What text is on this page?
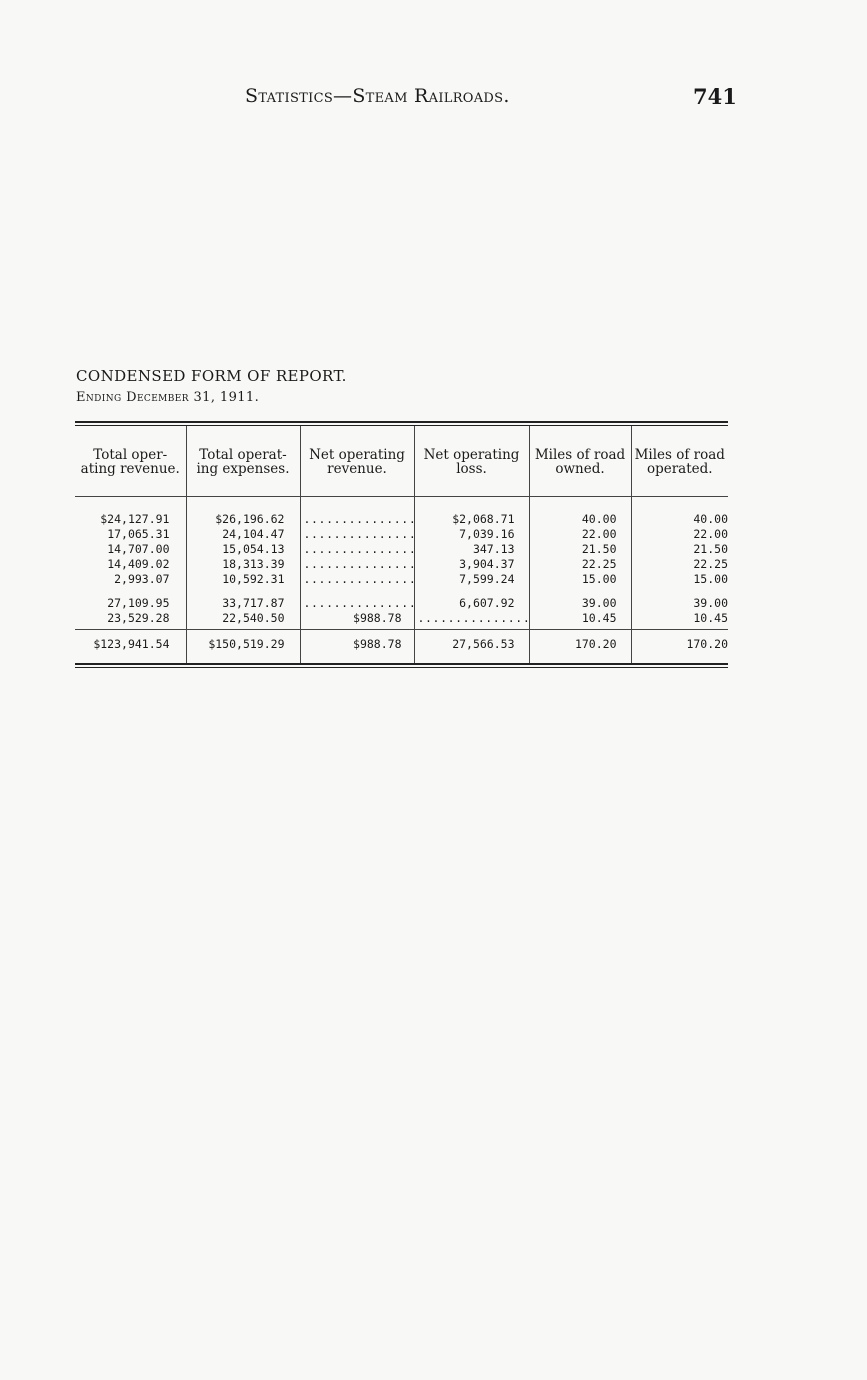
Statistics—Steam Railroads.	741
CONDENSED FORM OF REPORT.
Ending December 31, 1911.
Total oper- ating revenue.	Total operat- ing expenses.	Net operating revenue.	Net operating loss.	Miles of road owned.	Miles of road operated.
$24,127.91	$26,196.62	...............	$2,068.71	40.00	40.00
17,065.31	24,104.47	...............	7,039.16	22.00	22.00
14,707.00	15,054.13	...............	347.13	21.50	21.50
14,409.02	18,313.39	...............	3,904.37	22.25	22.25
2,993.07	10,592.31	...............	7,599.24	15.00	15.00
27,109.95	33,717.87	...............	6,607.92	39.00	39.00
23,529.28	22,540.50	$988.78	...............	10.45	10.45
$123,941.54	$150,519.29	$988.78	27,566.53	170.20	170.20
